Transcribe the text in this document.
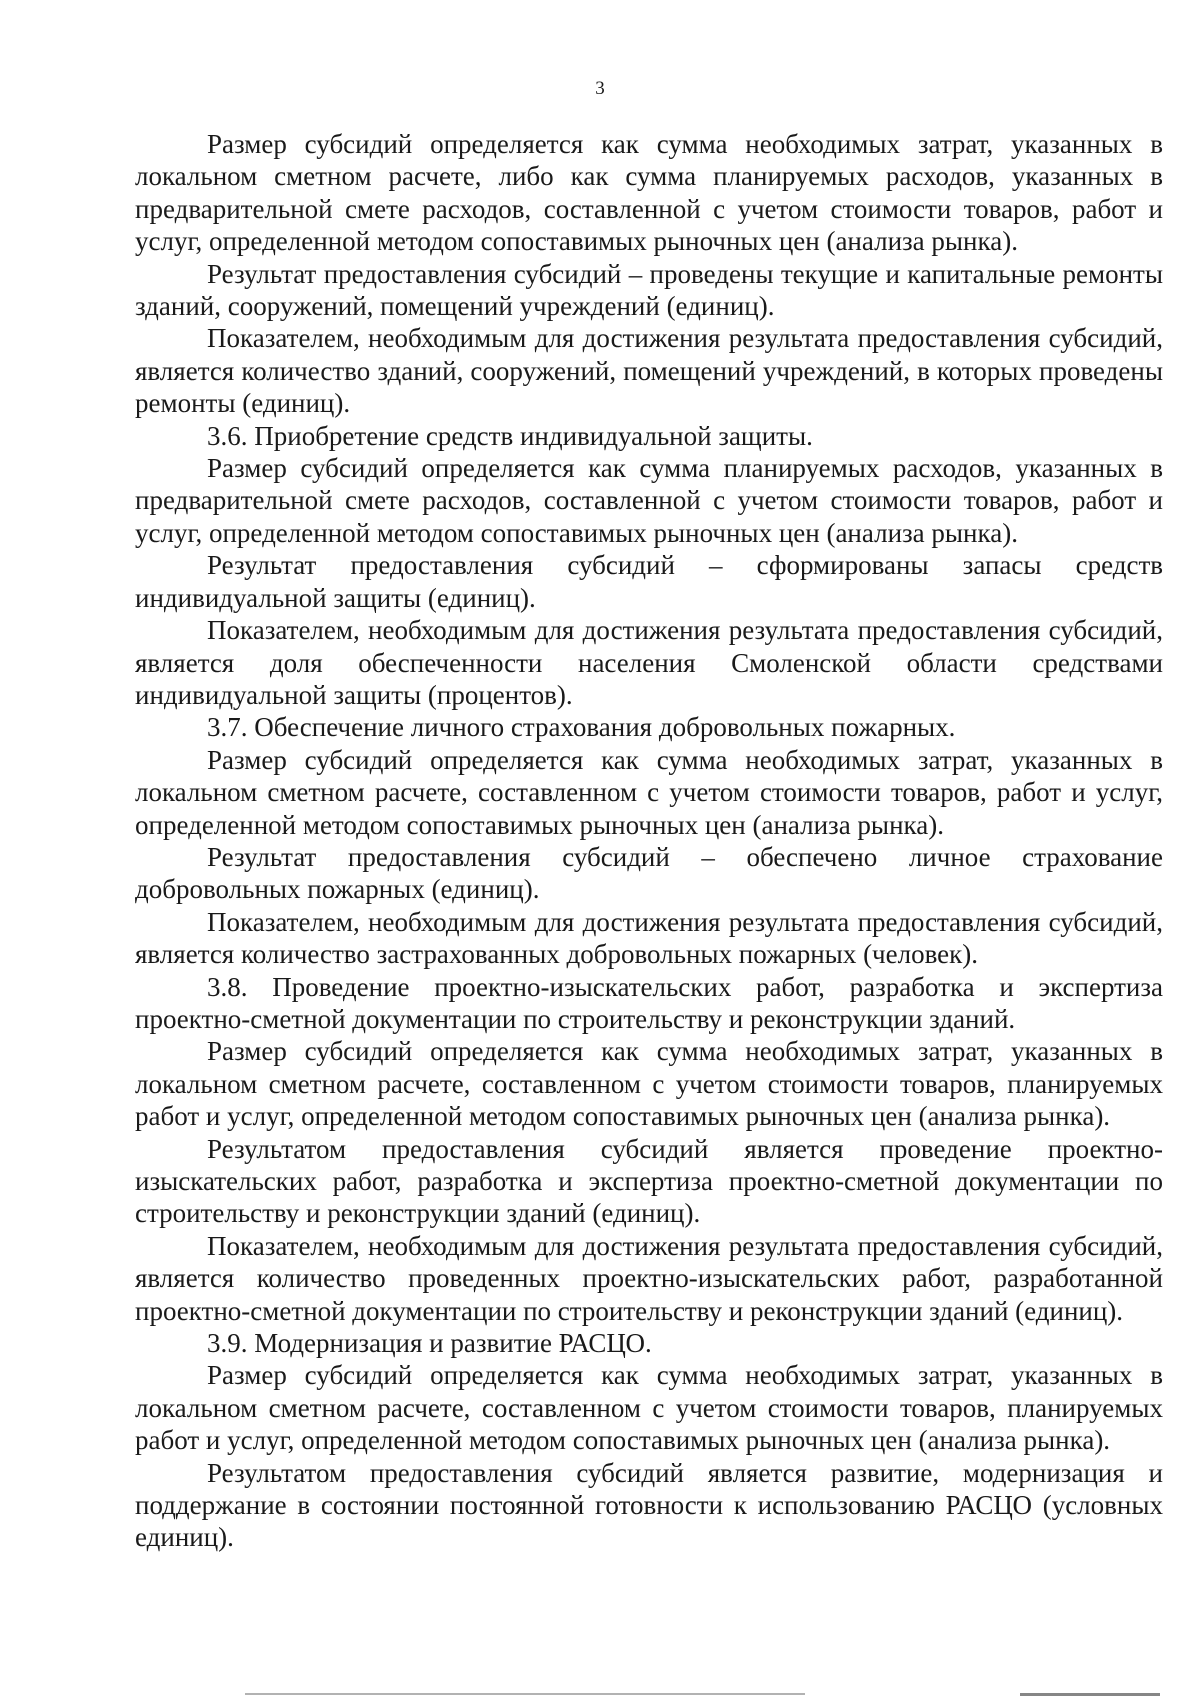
3

Размер субсидий определяется как сумма необходимых затрат, указанных в локальном сметном расчете, либо как сумма планируемых расходов, указанных в предварительной смете расходов, составленной с учетом стоимости товаров, работ и услуг, определенной методом сопоставимых рыночных цен (анализа рынка).

Результат предоставления субсидий – проведены текущие и капитальные ремонты зданий, сооружений, помещений учреждений (единиц).

Показателем, необходимым для достижения результата предоставления субсидий, является количество зданий, сооружений, помещений учреждений, в которых проведены ремонты (единиц).

3.6. Приобретение средств индивидуальной защиты.

Размер субсидий определяется как сумма планируемых расходов, указанных в предварительной смете расходов, составленной с учетом стоимости товаров, работ и услуг, определенной методом сопоставимых рыночных цен (анализа рынка).

Результат предоставления субсидий – сформированы запасы средств индивидуальной защиты (единиц).

Показателем, необходимым для достижения результата предоставления субсидий, является доля обеспеченности населения Смоленской области средствами индивидуальной защиты (процентов).

3.7. Обеспечение личного страхования добровольных пожарных.

Размер субсидий определяется как сумма необходимых затрат, указанных в локальном сметном расчете, составленном с учетом стоимости товаров, работ и услуг, определенной методом сопоставимых рыночных цен (анализа рынка).

Результат предоставления субсидий – обеспечено личное страхование добровольных пожарных (единиц).

Показателем, необходимым для достижения результата предоставления субсидий, является количество застрахованных добровольных пожарных (человек).

3.8. Проведение проектно-изыскательских работ, разработка и экспертиза проектно-сметной документации по строительству и реконструкции зданий.

Размер субсидий определяется как сумма необходимых затрат, указанных в локальном сметном расчете, составленном с учетом стоимости товаров, планируемых работ и услуг, определенной методом сопоставимых рыночных цен (анализа рынка).

Результатом предоставления субсидий является проведение проектно-изыскательских работ, разработка и экспертиза проектно-сметной документации по строительству и реконструкции зданий (единиц).

Показателем, необходимым для достижения результата предоставления субсидий, является количество проведенных проектно-изыскательских работ, разработанной проектно-сметной документации по строительству и реконструкции зданий (единиц).

3.9. Модернизация и развитие РАСЦО.

Размер субсидий определяется как сумма необходимых затрат, указанных в локальном сметном расчете, составленном с учетом стоимости товаров, планируемых работ и услуг, определенной методом сопоставимых рыночных цен (анализа рынка).

Результатом предоставления субсидий является развитие, модернизация и поддержание в состоянии постоянной готовности к использованию РАСЦО (условных единиц).
